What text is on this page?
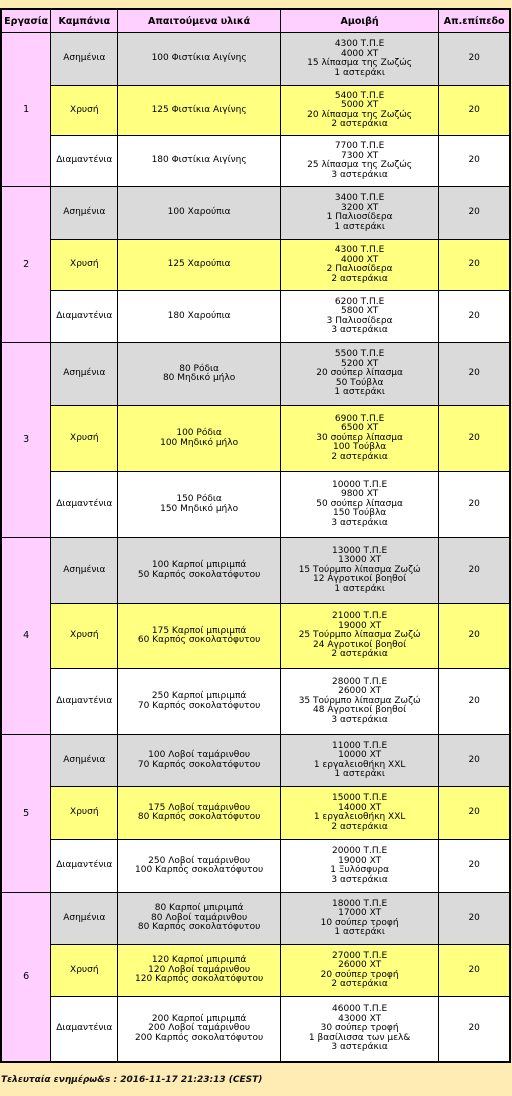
Εργασία	Καμπάνια	Απαιτούμενα υλικά	Αμοιβή	Απ.επίπεδο
1	Ασημένια	100 Φιστίκια Αιγίνης	4300 Τ.Π.Ε
4000 XT
15 λίπασμα της Ζωζώς
1 αστεράκι	20
	Χρυσή	125 Φιστίκια Αιγίνης	5400 Τ.Π.Ε
5000 XT
20 λίπασμα της Ζωζώς
2 αστεράκια	20
	Διαμαντένια	180 Φιστίκια Αιγίνης	7700 Τ.Π.Ε
7300 XT
25 λίπασμα της Ζωζώς
3 αστεράκια	20
2	Ασημένια	100 Χαρούπια	3400 Τ.Π.Ε
3200 XT
1 Παλιοσίδερα
1 αστεράκι	20
	Χρυσή	125 Χαρούπια	4300 Τ.Π.Ε
4000 XT
2 Παλιοσίδερα
2 αστεράκια	20
	Διαμαντένια	180 Χαρούπια	6200 Τ.Π.Ε
5800 XT
3 Παλιοσίδερα
3 αστεράκια	20
3	Ασημένια	80 Ρόδια
80 Μηδικό μήλο	5500 Τ.Π.Ε
5200 XT
20 σούπερ λίπασμα
50 Τούβλα
1 αστεράκι	20
	Χρυσή	100 Ρόδια
100 Μηδικό μήλο	6900 Τ.Π.Ε
6500 XT
30 σούπερ λίπασμα
100 Τούβλα
2 αστεράκια	20
	Διαμαντένια	150 Ρόδια
150 Μηδικό μήλο	10000 Τ.Π.Ε
9800 XT
50 σούπερ λίπασμα
150 Τούβλα
3 αστεράκια	20
4	Ασημένια	100 Καρποί μπιριμπά
50 Καρπός σοκολατόφυτου	13000 Τ.Π.Ε
13000 XT
15 Τούρμπο λίπασμα Ζωζώ
12 Αγροτικοί βοηθοί
1 αστεράκι	20
	Χρυσή	175 Καρποί μπιριμπά
60 Καρπός σοκολατόφυτου	21000 Τ.Π.Ε
19000 XT
25 Τούρμπο λίπασμα Ζωζώ
24 Αγροτικοί βοηθοί
2 αστεράκια	20
	Διαμαντένια	250 Καρποί μπιριμπά
70 Καρπός σοκολατόφυτου	28000 Τ.Π.Ε
26000 XT
35 Τούρμπο λίπασμα Ζωζώ
48 Αγροτικοί βοηθοί
3 αστεράκια	20
5	Ασημένια	100 Λοβοί ταμάρινθου
70 Καρπός σοκολατόφυτου	11000 Τ.Π.Ε
10000 XT
1 εργαλειοθήκη XXL
1 αστεράκι	20
	Χρυσή	175 Λοβοί ταμάρινθου
80 Καρπός σοκολατόφυτου	15000 Τ.Π.Ε
14000 XT
1 εργαλειοθήκη XXL
2 αστεράκια	20
	Διαμαντένια	250 Λοβοί ταμάρινθου
100 Καρπός σοκολατόφυτου	20000 Τ.Π.Ε
19000 XT
1 Ξυλόσφυρα
3 αστεράκια	20
6	Ασημένια	80 Καρποί μπιριμπά
80 Λοβοί ταμάρινθου
80 Καρπός σοκολατόφυτου	18000 Τ.Π.Ε
17000 XT
10 σούπερ τροφή
1 αστεράκι	20
	Χρυσή	120 Καρποί μπιριμπά
120 Λοβοί ταμάρινθου
120 Καρπός σοκολατόφυτου	27000 Τ.Π.Ε
26000 XT
20 σούπερ τροφή
2 αστεράκια	20
	Διαμαντένια	200 Καρποί μπιριμπά
200 Λοβοί ταμάρινθου
200 Καρπός σοκολατόφυτου	46000 Τ.Π.Ε
43000 XT
30 σούπερ τροφή
1 βασίλισσα των μελ&
3 αστεράκια	20
Τελευταία ενημέρω&s : 2016-11-17 21:23:13 (CEST)
